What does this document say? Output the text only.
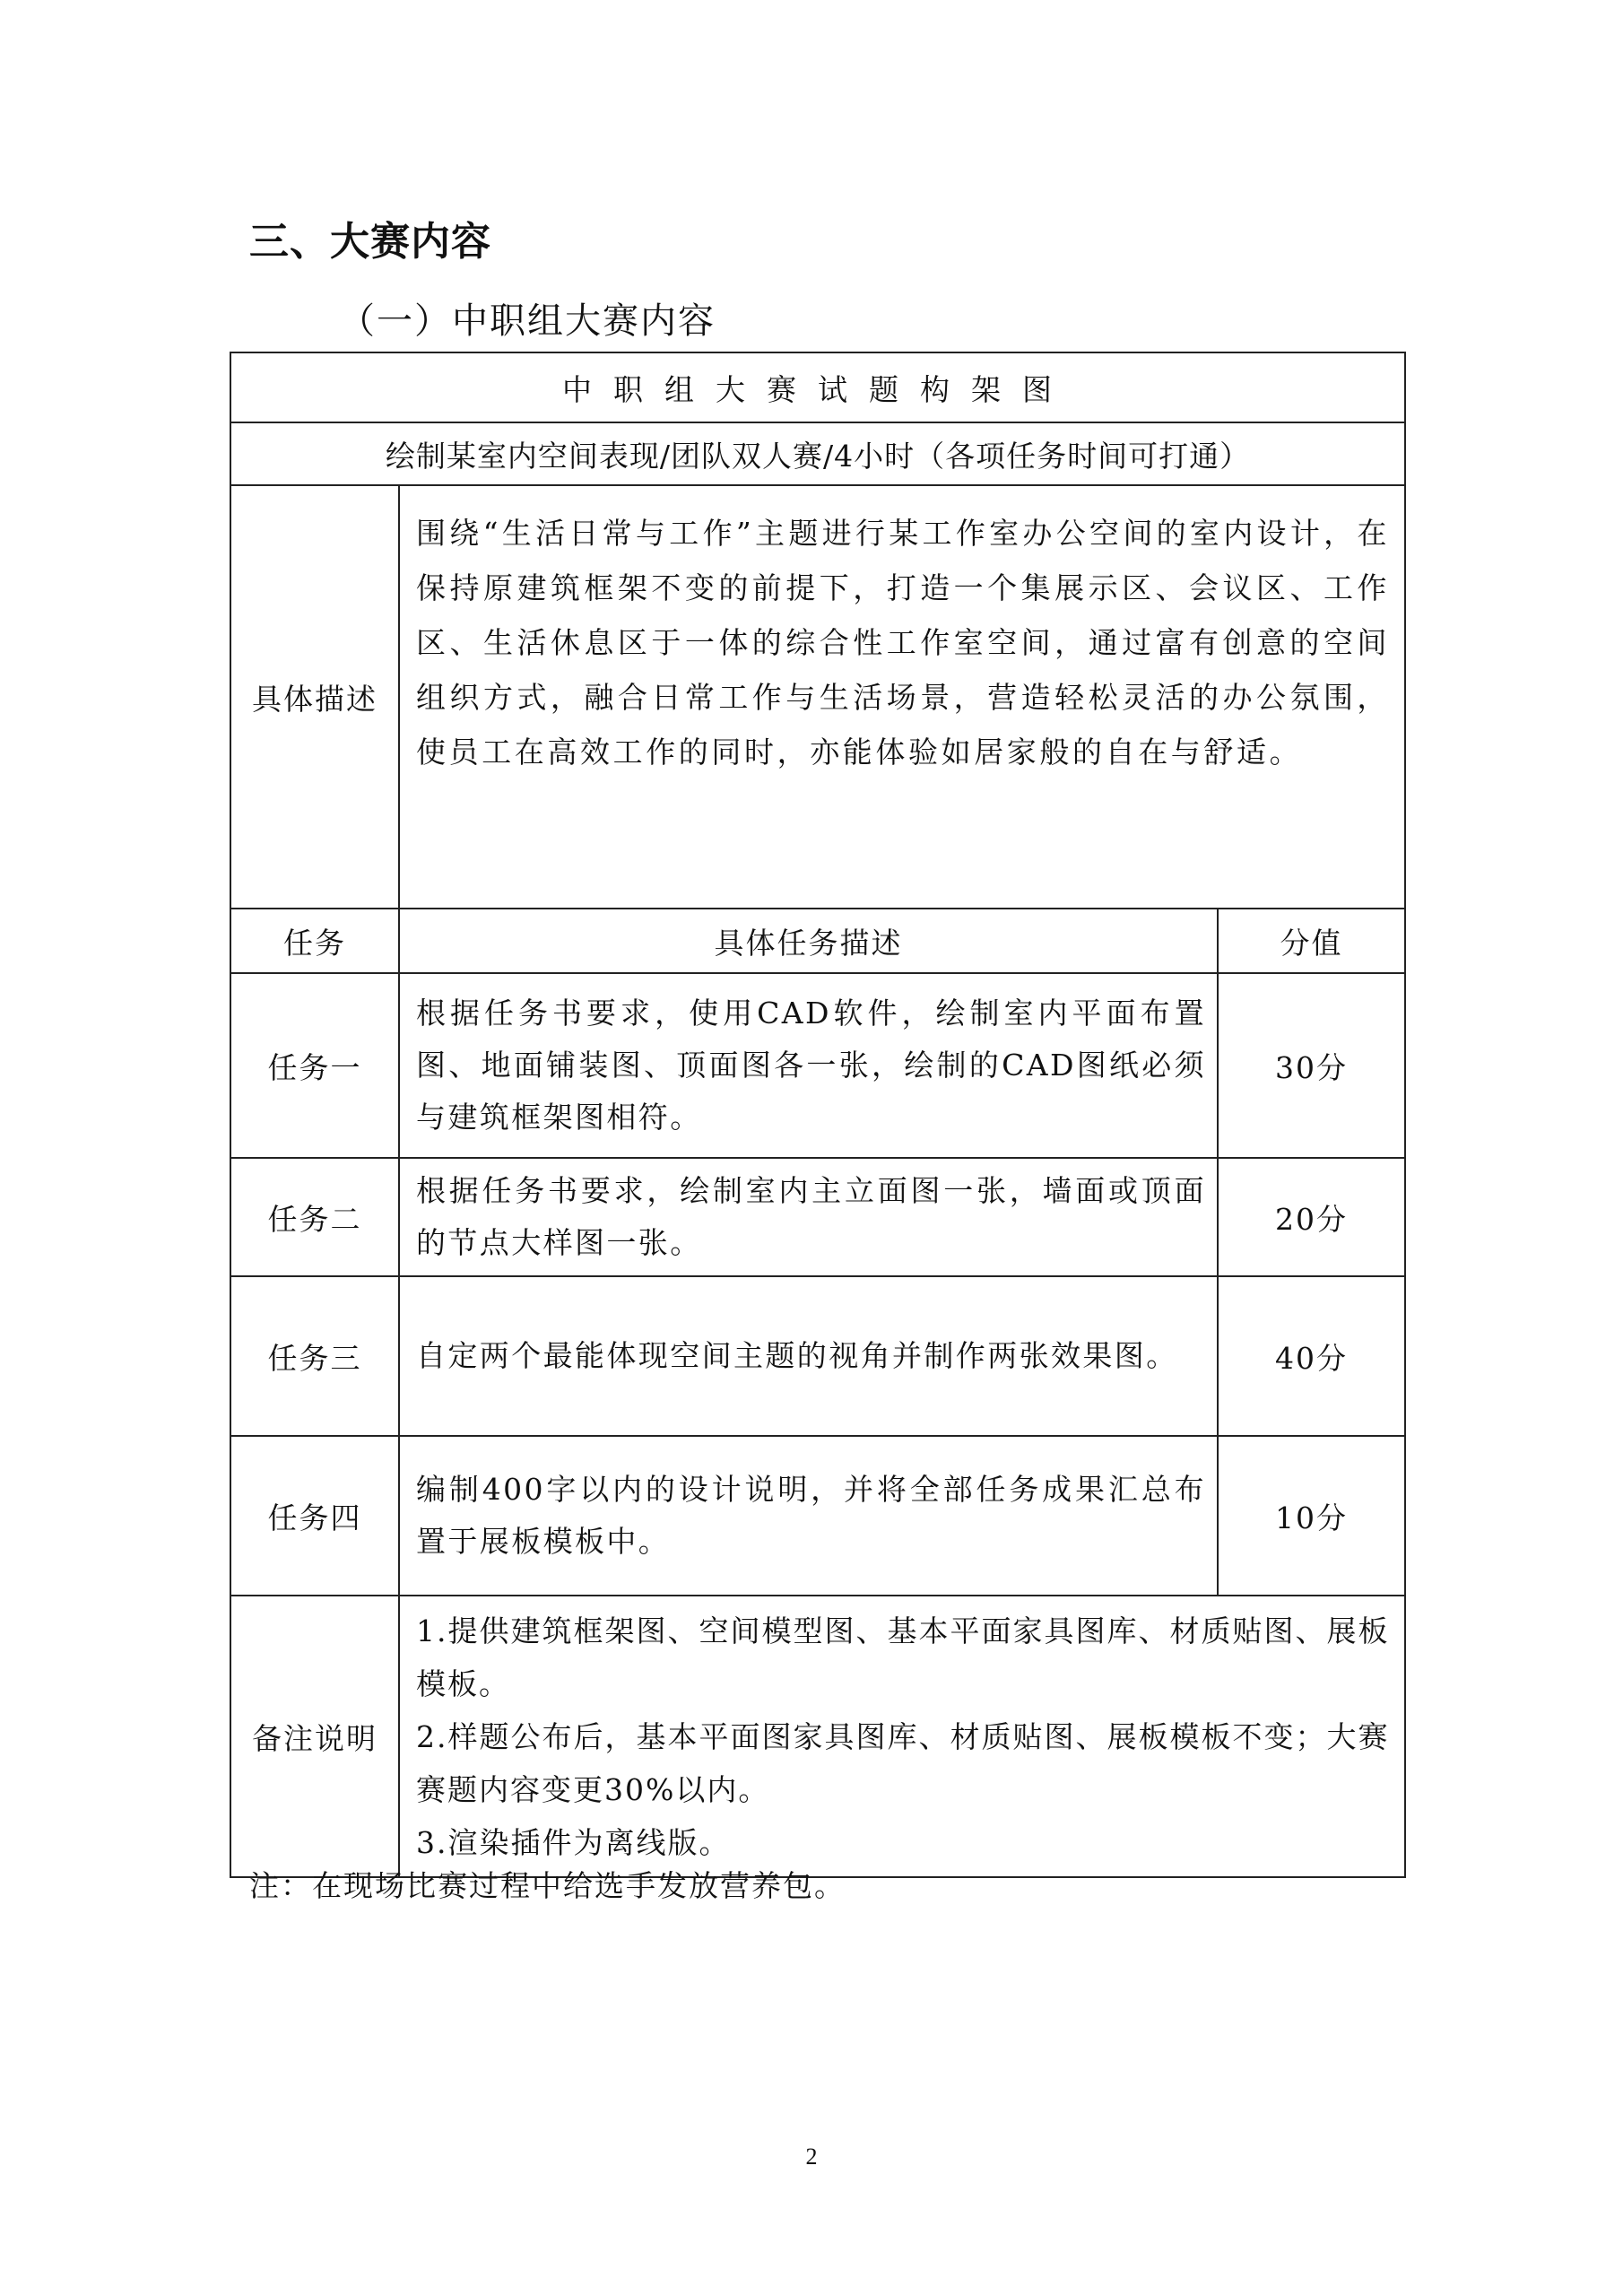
三、大赛内容
（一）中职组大赛内容
中职组大赛试题构架图		
绘制某室内空间表现/团队双人赛/4小时（各项任务时间可打通）		
具体描述	围绕“生活日常与工作”主题进行某工作室办公空间的室内设计，在保持原建筑框架不变的前提下，打造一个集展示区、会议区、工作区、生活休息区于一体的综合性工作室空间，通过富有创意的空间组织方式，融合日常工作与生活场景，营造轻松灵活的办公氛围，使员工在高效工作的同时，亦能体验如居家般的自在与舒适。	
任务	具体任务描述	分值
任务一	根据任务书要求，使用CAD软件，绘制室内平面布置图、地面铺装图、顶面图各一张，绘制的CAD图纸必须与建筑框架图相符。	30分
任务二	根据任务书要求，绘制室内主立面图一张，墙面或顶面的节点大样图一张。	20分
任务三	自定两个最能体现空间主题的视角并制作两张效果图。	40分
任务四	编制400字以内的设计说明，并将全部任务成果汇总布置于展板模板中。	10分
备注说明	1.提供建筑框架图、空间模型图、基本平面家具图库、材质贴图、展板模板。
2.样题公布后，基本平面图家具图库、材质贴图、展板模板不变；大赛赛题内容变更30%以内。
3.渲染插件为离线版。	
注：在现场比赛过程中给选手发放营养包。
2
